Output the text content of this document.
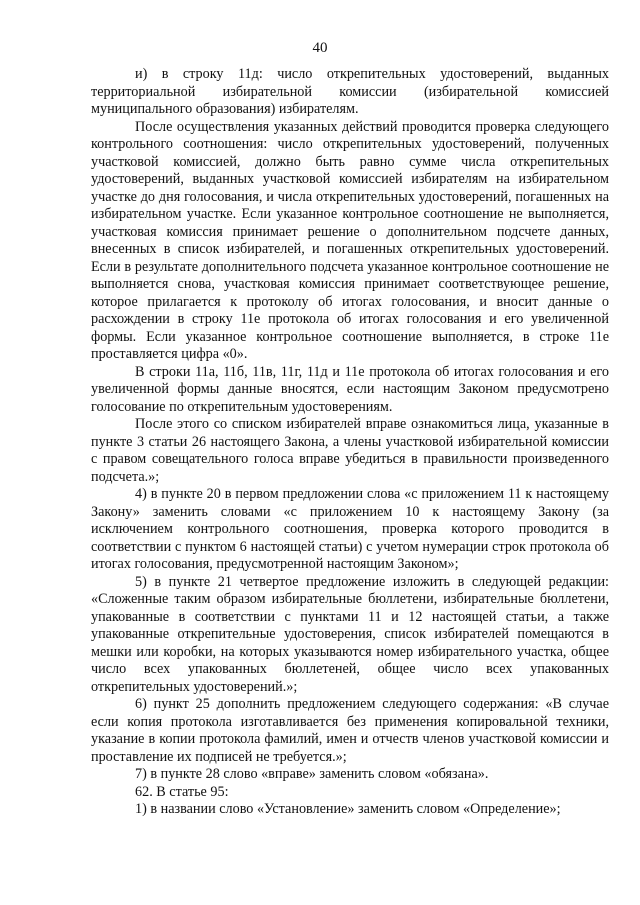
40

и) в строку 11д: число открепительных удостоверений, выданных территориальной избирательной комиссии (избирательной комиссией муниципального образования) избирателям.

После осуществления указанных действий проводится проверка следующего контрольного соотношения: число открепительных удостоверений, полученных участковой комиссией, должно быть равно сумме числа открепительных удостоверений, выданных участковой комиссией избирателям на избирательном участке до дня голосования, и числа открепительных удостоверений, погашенных на избирательном участке. Если указанное контрольное соотношение не выполняется, участковая комиссия принимает решение о дополнительном подсчете данных, внесенных в список избирателей, и погашенных открепительных удостоверений. Если в результате дополнительного подсчета указанное контрольное соотношение не выполняется снова, участковая комиссия принимает соответствующее решение, которое прилагается к протоколу об итогах голосования, и вносит данные о расхождении в строку 11е протокола об итогах голосования и его увеличенной формы. Если указанное контрольное соотношение выполняется, в строке 11е проставляется цифра «0».

В строки 11а, 11б, 11в, 11г, 11д и 11е протокола об итогах голосования и его увеличенной формы данные вносятся, если настоящим Законом предусмотрено голосование по открепительным удостоверениям.

После этого со списком избирателей вправе ознакомиться лица, указанные в пункте 3 статьи 26 настоящего Закона, а члены участковой избирательной комиссии с правом совещательного голоса вправе убедиться в правильности произведенного подсчета.»;

4) в пункте 20 в первом предложении слова «с приложением 11 к настоящему Закону» заменить словами «с приложением 10 к настоящему Закону (за исключением контрольного соотношения, проверка которого проводится в соответствии с пунктом 6 настоящей статьи) с учетом нумерации строк протокола об итогах голосования, предусмотренной настоящим Законом»;

5) в пункте 21 четвертое предложение изложить в следующей редакции: «Сложенные таким образом избирательные бюллетени, избирательные бюллетени, упакованные в соответствии с пунктами 11 и 12 настоящей статьи, а также упакованные открепительные удостоверения, список избирателей помещаются в мешки или коробки, на которых указываются номер избирательного участка, общее число всех упакованных бюллетеней, общее число всех упакованных открепительных удостоверений.»;

6) пункт 25 дополнить предложением следующего содержания: «В случае если копия протокола изготавливается без применения копировальной техники, указание в копии протокола фамилий, имен и отчеств членов участковой комиссии и проставление их подписей не требуется.»;

7) в пункте 28 слово «вправе» заменить словом «обязана».

62. В статье 95:

1) в названии слово «Установление» заменить словом «Определение»;
